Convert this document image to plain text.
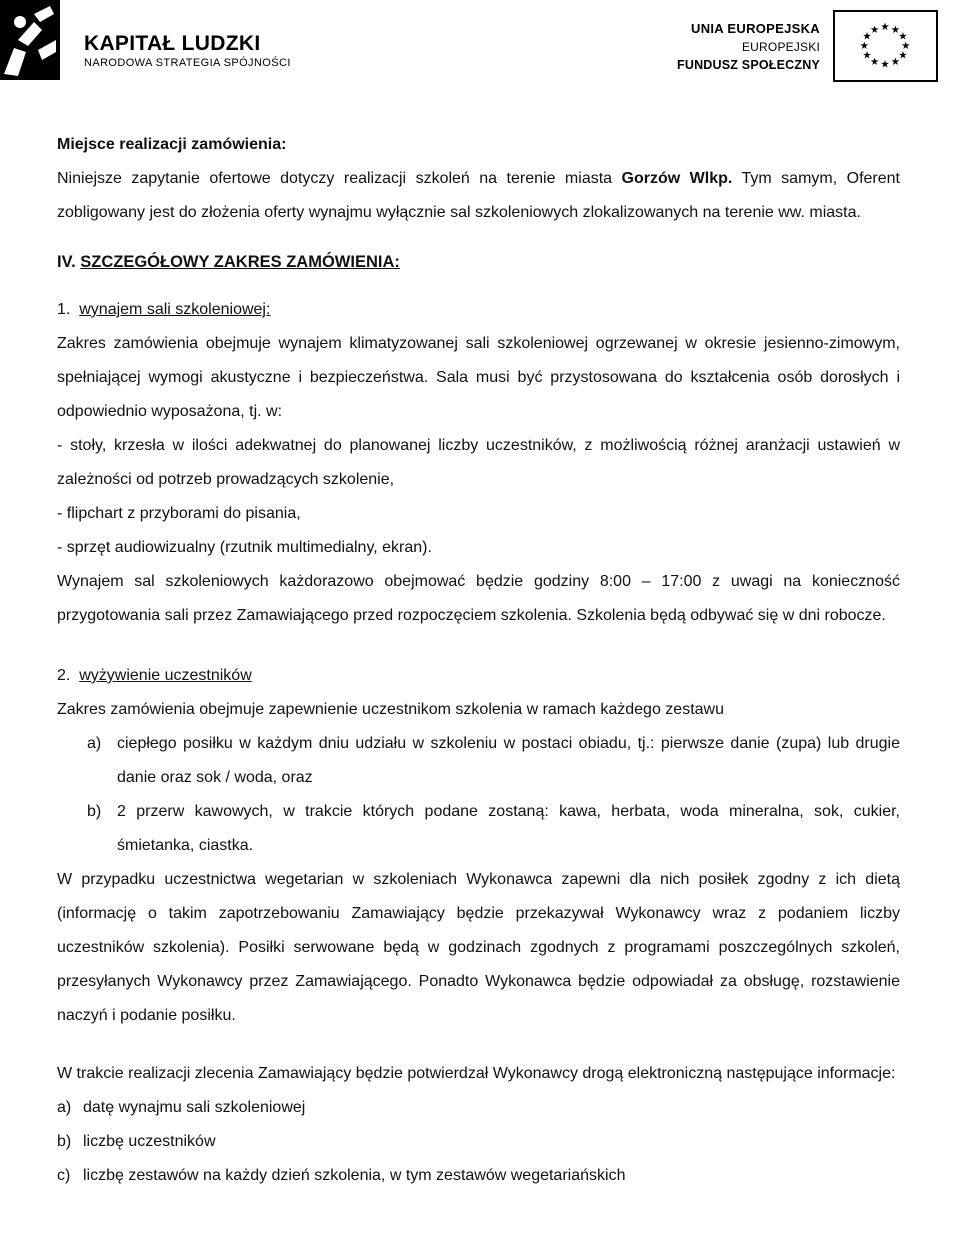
KAPITAŁ LUDZKI
NARODOWA STRATEGIA SPÓJNOŚCI
UNIA EUROPEJSKA
EUROPEJSKI
FUNDUSZ SPOŁECZNY
★ ★
★
★
★
★
★
★
★
★
★
★
Miejsce realizacji zamówienia:

Niniejsze zapytanie ofertowe dotyczy realizacji szkoleń na terenie miasta Gorzów Wlkp. Tym samym, Oferent zobligowany jest do złożenia oferty wynajmu wyłącznie sal szkoleniowych zlokalizowanych na terenie ww. miasta.

IV. SZCZEGÓŁOWY ZAKRES ZAMÓWIENIA:
1. wynajem sali szkoleniowej:

Zakres zamówienia obejmuje wynajem klimatyzowanej sali szkoleniowej ogrzewanej w okresie jesienno-zimowym, spełniającej wymogi akustyczne i bezpieczeństwa. Sala musi być przystosowana do kształcenia osób dorosłych i odpowiednio wyposażona, tj. w:

- stoły, krzesła w ilości adekwatnej do planowanej liczby uczestników, z możliwością różnej aranżacji ustawień w zależności od potrzeb prowadzących szkolenie,

- flipchart z przyborami do pisania,
- sprzęt audiowizualny (rzutnik multimedialny, ekran).

Wynajem sal szkoleniowych każdorazowo obejmować będzie godziny 8:00 – 17:00 z uwagi na konieczność przygotowania sali przez Zamawiającego przed rozpoczęciem szkolenia. Szkolenia będą odbywać się w dni robocze.

2. wyżywienie uczestników
Zakres zamówienia obejmuje zapewnienie uczestnikom szkolenia w ramach każdego zestawu
a) ciepłego posiłku w każdym dniu udziału w szkoleniu w postaci obiadu, tj.: pierwsze danie (zupa) lub drugie danie oraz sok / woda, oraz

b) 2 przerw kawowych, w trakcie których podane zostaną: kawa, herbata, woda mineralna, sok, cukier, śmietanka, ciastka.

W przypadku uczestnictwa wegetarian w szkoleniach Wykonawca zapewni dla nich posiłek zgodny z ich dietą (informację o takim zapotrzebowaniu Zamawiający będzie przekazywał Wykonawcy wraz z podaniem liczby uczestników szkolenia). Posiłki serwowane będą w godzinach zgodnych z programami poszczególnych szkoleń, przesyłanych Wykonawcy przez Zamawiającego. Ponadto Wykonawca będzie odpowiadał za obsługę, rozstawienie naczyń i podanie posiłku.

W trakcie realizacji zlecenia Zamawiający będzie potwierdzał Wykonawcy drogą elektroniczną następujące informacje:
a) datę wynajmu sali szkoleniowej
b) liczbę uczestników
c) liczbę zestawów na każdy dzień szkolenia, w tym zestawów wegetariańskich
